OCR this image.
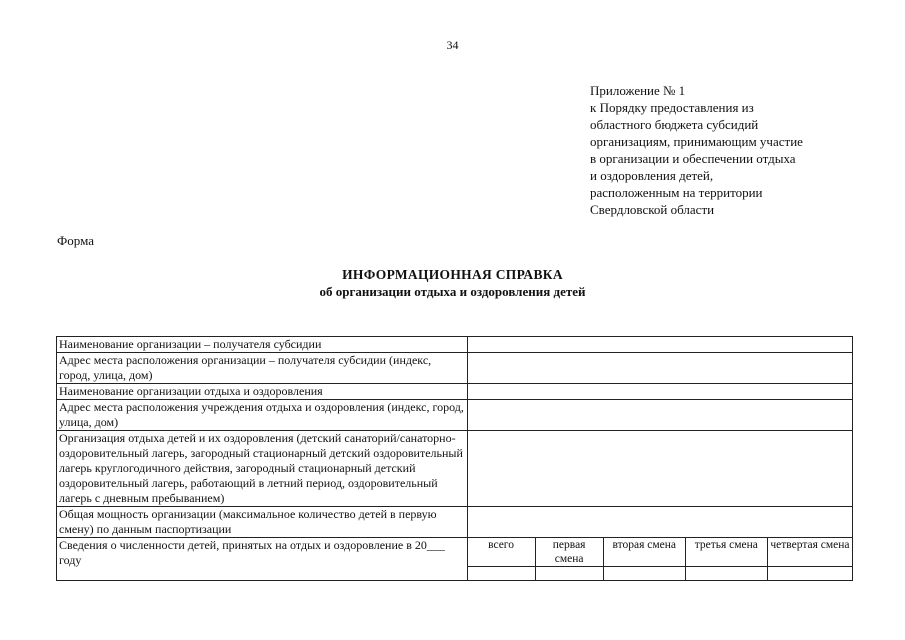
34
Приложение № 1
к Порядку предоставления из
областного бюджета субсидий
организациям, принимающим участие
в организации и обеспечении отдыха
и оздоровления детей,
расположенным на территории
Свердловской области
Форма
ИНФОРМАЦИОННАЯ СПРАВКА
об организации отдыха и оздоровления детей
Наименование организации – получателя субсидии					
Адрес места расположения организации – получателя субсидии (индекс, город, улица, дом)					
Наименование организации отдыха и оздоровления					
Адрес места расположения учреждения отдыха и оздоровления (индекс, город, улица, дом)					
Организация отдыха детей и их оздоровления (детский санаторий/санаторно-оздоровительный лагерь, загородный стационарный детский оздоровительный лагерь круглогодичного действия, загородный стационарный детский оздоровительный лагерь, работающий в летний период, оздоровительный лагерь с дневным пребыванием)					
Общая мощность организации (максимальное количество детей в первую смену) по данным паспортизации					
Сведения о численности детей, принятых на отдых и оздоровление в 20___ году	всего	первая смена	вторая смена	третья смена	четвертая смена
